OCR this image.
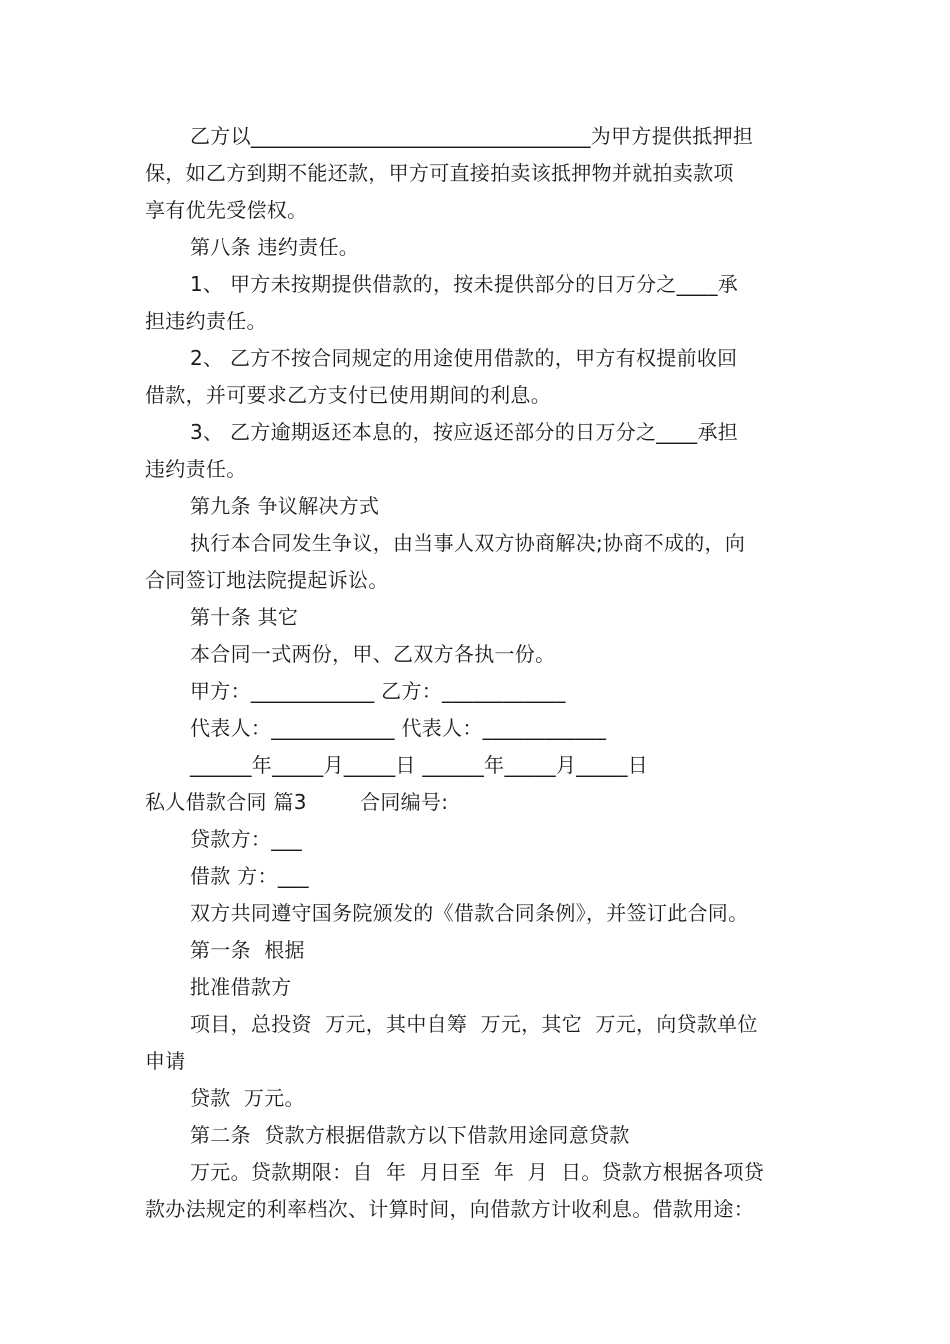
乙方以_________________________________为甲方提供抵押担
保，如乙方到期不能还款，甲方可直接拍卖该抵押物并就拍卖款项
享有优先受偿权。
第八条 违约责任。
1、 甲方未按期提供借款的，按未提供部分的日万分之____承
担违约责任。
2、 乙方不按合同规定的用途使用借款的，甲方有权提前收回
借款，并可要求乙方支付已使用期间的利息。
3、 乙方逾期返还本息的，按应返还部分的日万分之____承担
违约责任。
第九条 争议解决方式
执行本合同发生争议，由当事人双方协商解决;协商不成的，向
合同签订地法院提起诉讼。
第十条 其它
本合同一式两份，甲、乙双方各执一份。
甲方：____________ 乙方：____________
代表人：____________ 代表人：____________
______年_____月_____日 ______年_____月_____日
私人借款合同 篇3        合同编号:
贷款方：___
借款 方：___
双方共同遵守国务院颁发的《借款合同条例》，并签订此合同。
第一条  根据
批准借款方
项目，总投资  万元，其中自筹  万元，其它  万元，向贷款单位
申请
贷款  万元。
第二条  贷款方根据借款方以下借款用途同意贷款
万元。贷款期限：自  年  月日至  年  月  日。贷款方根据各项贷
款办法规定的利率档次、计算时间，向借款方计收利息。借款用途：
